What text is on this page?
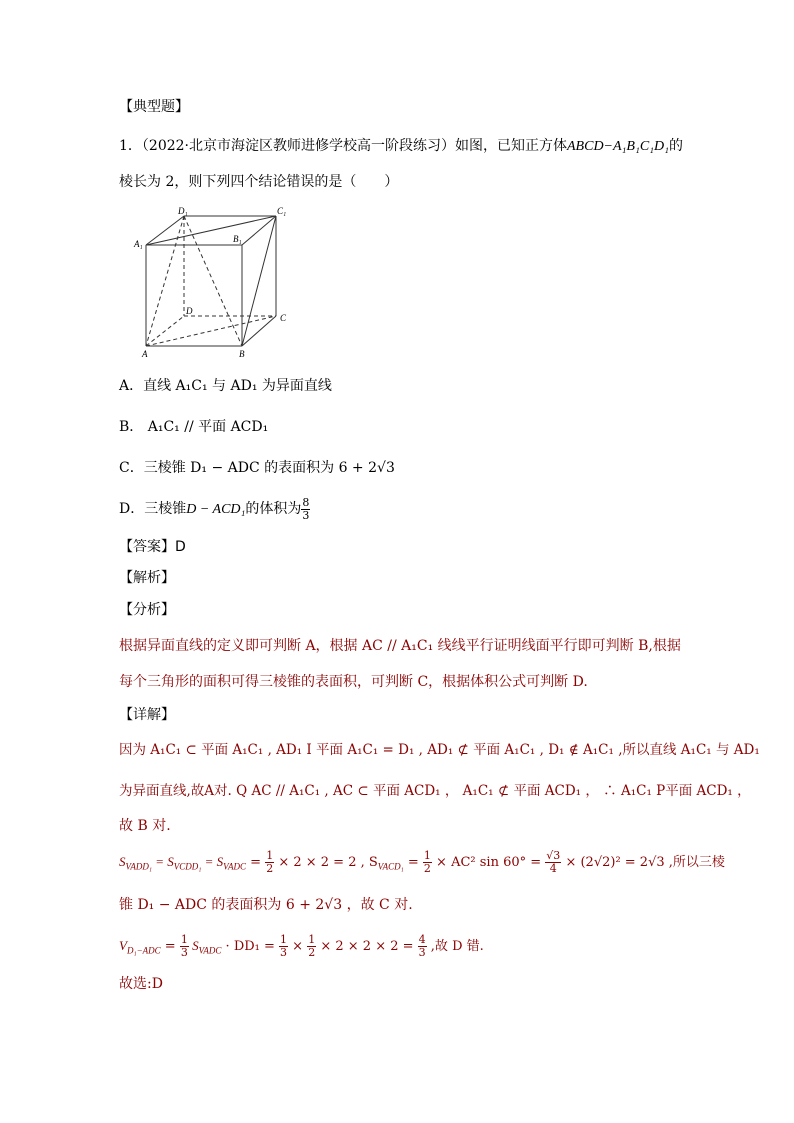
【典型题】
1．（2022·北京市海淀区教师进修学校高一阶段练习）如图，已知正方体ABCD−A₁B₁C₁D₁的
棱长为 2，则下列四个结论错误的是（　　）
D₁	C₁
A₁	B₁
D
C
A	B
A．直线 A₁C₁ 与 AD₁ 为异面直线
B． A₁C₁ // 平面 ACD₁
C．三棱锥 D₁ − ADC 的表面积为 6 + 2√3
D．三棱锥D − ACD₁的体积为 $\frac{8}{3}$
【答案】D
【解析】
【分析】
根据异面直线的定义即可判断 A，根据 AC // A₁C₁ 线线平行证明线面平行即可判断 B,根据
每个三角形的面积可得三棱锥的表面积，可判断 C，根据体积公式可判断 D.
【详解】
因为 A₁C₁ ⊂ 平面 A₁C₁ , AD₁ I 平面 A₁C₁ = D₁ , AD₁ ⊄ 平面 A₁C₁ , D₁ ∉ A₁C₁ ,所以直线 A₁C₁ 与 AD₁
为异面直线,故A对. Q AC // A₁C₁ , AC ⊂ 平面 ACD₁ ， A₁C₁ ⊄ 平面 ACD₁ ， ∴ A₁C₁ P平面 ACD₁ ，
故 B 对.
$S_{VADD_1} = S_{VCDD_1} = S_{VADC} = \frac{1}{2} \times 2 \times 2 = 2$ , $S_{VACD_1} = \frac{1}{2} \times AC^2$ $\sin 60^\circ = \frac{√3}{4} \times (2√2)^2 = 2√3$ ,所以三棱
锥 D₁ − ADC 的表面积为 6 + 2√3 ，故 C 对.
$V_{D_1-ADC} = \frac{1}{3} S_{VADC} \cdot DD_1 = \frac{1}{3} \times \frac{1}{2} \times 2 \times 2 \times 2 = \frac{4}{3}$ ,故 D 错.
故选:D
